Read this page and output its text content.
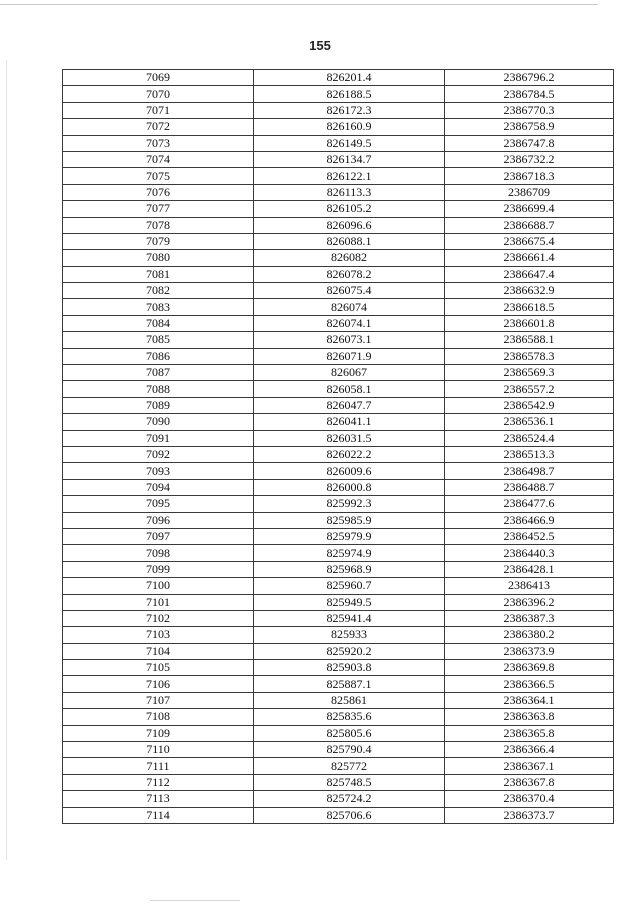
155
7069	826201.4	2386796.2
7070	826188.5	2386784.5
7071	826172.3	2386770.3
7072	826160.9	2386758.9
7073	826149.5	2386747.8
7074	826134.7	2386732.2
7075	826122.1	2386718.3
7076	826113.3	2386709
7077	826105.2	2386699.4
7078	826096.6	2386688.7
7079	826088.1	2386675.4
7080	826082	2386661.4
7081	826078.2	2386647.4
7082	826075.4	2386632.9
7083	826074	2386618.5
7084	826074.1	2386601.8
7085	826073.1	2386588.1
7086	826071.9	2386578.3
7087	826067	2386569.3
7088	826058.1	2386557.2
7089	826047.7	2386542.9
7090	826041.1	2386536.1
7091	826031.5	2386524.4
7092	826022.2	2386513.3
7093	826009.6	2386498.7
7094	826000.8	2386488.7
7095	825992.3	2386477.6
7096	825985.9	2386466.9
7097	825979.9	2386452.5
7098	825974.9	2386440.3
7099	825968.9	2386428.1
7100	825960.7	2386413
7101	825949.5	2386396.2
7102	825941.4	2386387.3
7103	825933	2386380.2
7104	825920.2	2386373.9
7105	825903.8	2386369.8
7106	825887.1	2386366.5
7107	825861	2386364.1
7108	825835.6	2386363.8
7109	825805.6	2386365.8
7110	825790.4	2386366.4
7111	825772	2386367.1
7112	825748.5	2386367.8
7113	825724.2	2386370.4
7114	825706.6	2386373.7
